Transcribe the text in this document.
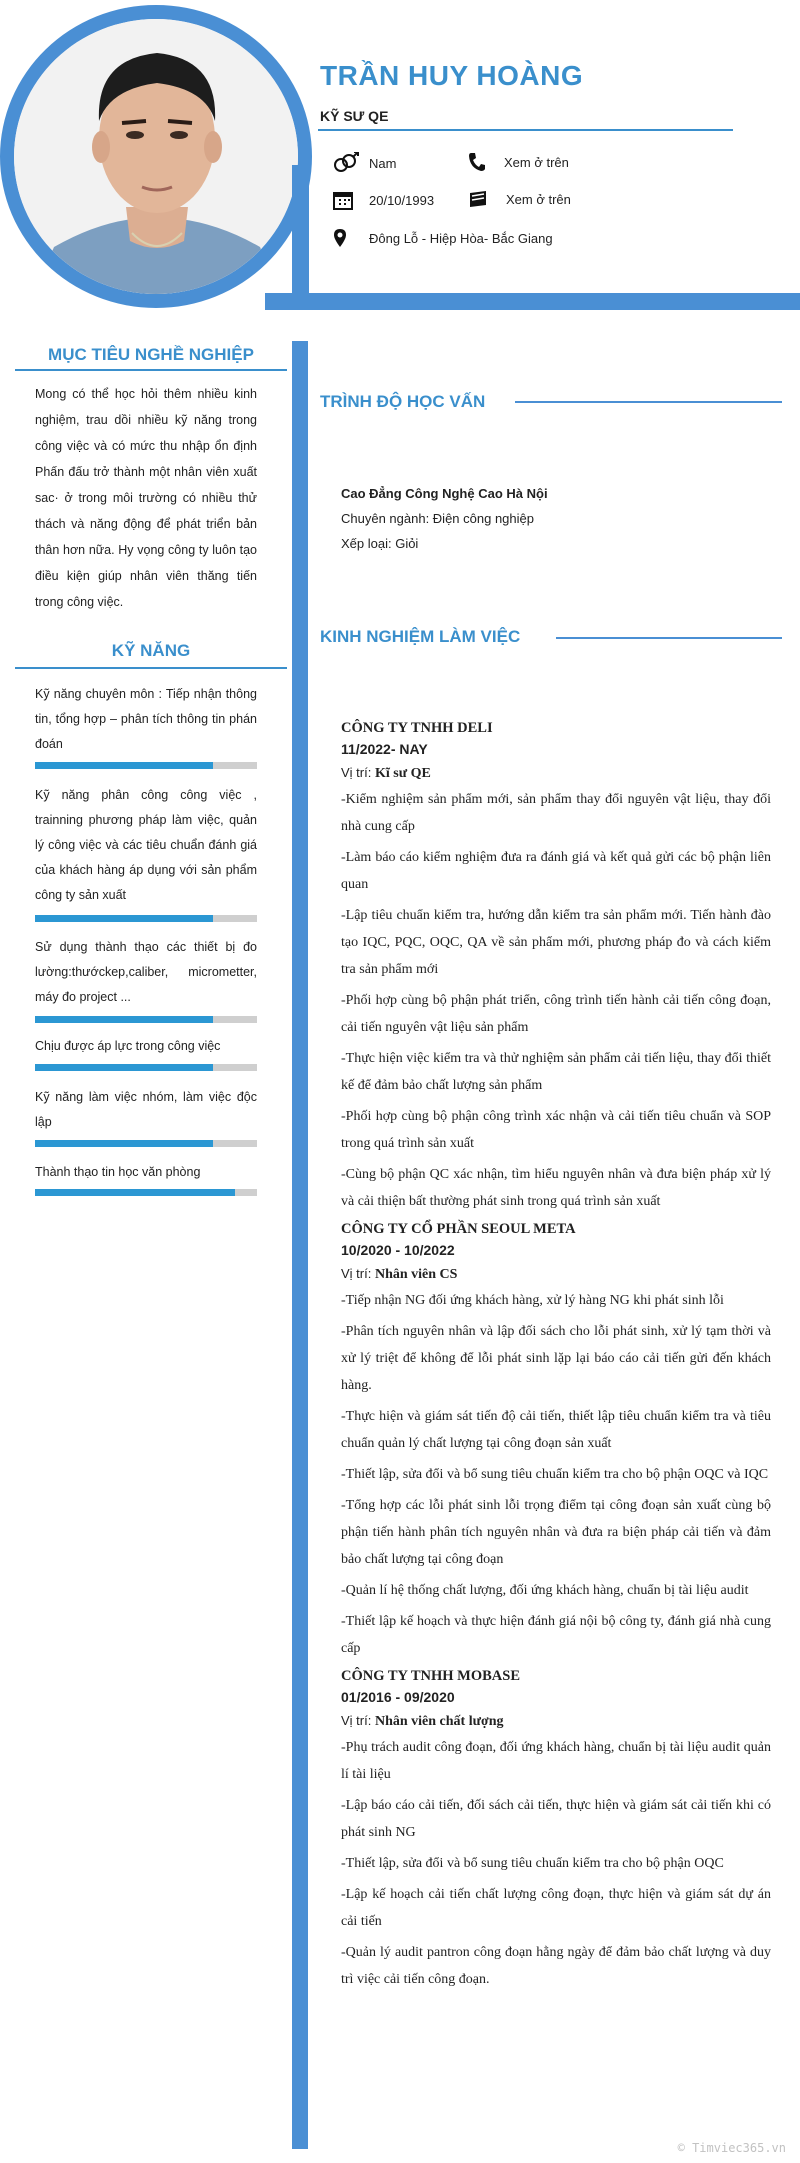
TRẦN HUY HOÀNG
KỸ SƯ QE
Nam	Xem ở trên
20/10/1993	Xem ở trên
Đông Lỗ - Hiệp Hòa- Bắc Giang
MỤC TIÊU NGHỀ NGHIỆP
Mong có thể học hỏi thêm nhiều kinh nghiệm, trau dồi nhiều kỹ năng trong công việc và có mức thu nhập ổn định Phấn đấu trở thành một nhân viên xuất sac· ở trong môi trường có nhiều thử thách và năng động để phát triển bản thân hơn nữa. Hy vọng công ty luôn tạo điều kiện giúp nhân viên thăng tiến trong công việc.
KỸ NĂNG
Kỹ năng chuyên môn : Tiếp nhận thông tin, tổng hợp – phân tích thông tin phán đoán
Kỹ năng phân công công việc , trainning phương pháp làm việc, quản lý công việc và các tiêu chuẩn đánh giá của khách hàng áp dụng với sản phẩm công ty sản xuất
Sử dụng thành thạo các thiết bị đo lường:thướckep,caliber, micrometter, máy đo project ...
Chịu được áp lực trong công việc
Kỹ năng làm việc nhóm, làm việc độc lập
Thành thạo tin học văn phòng
TRÌNH ĐỘ HỌC VẤN
Cao Đẳng Công Nghệ Cao Hà Nội
Chuyên ngành: Điện công nghiệp
Xếp loại: Giỏi
KINH NGHIỆM LÀM VIỆC
CÔNG TY TNHH DELI
11/2022- NAY
Vị trí: Kĩ sư QE
-Kiểm nghiệm sản phẩm mới, sản phẩm thay đổi nguyên vật liệu, thay đổi nhà cung cấp
-Làm báo cáo kiểm nghiệm đưa ra đánh giá và kết quả gửi các bộ phận liên quan
-Lập tiêu chuẩn kiểm tra, hướng dẫn kiểm tra sản phẩm mới. Tiến hành đào tạo IQC, PQC, OQC, QA về sản phẩm mới, phương pháp đo và cách kiểm tra sản phẩm mới
-Phối hợp cùng bộ phận phát triển, công trình tiến hành cải tiến công đoạn, cải tiến nguyên vật liệu sản phẩm
-Thực hiện việc kiểm tra và thử nghiệm sản phẩm cải tiến liệu, thay đổi thiết kế để đảm bảo chất lượng sản phẩm
-Phối hợp cùng bộ phận công trình xác nhận và cải tiến tiêu chuẩn và SOP trong quá trình sản xuất
-Cùng bộ phận QC xác nhận, tìm hiểu nguyên nhân và đưa biện pháp xử lý và cải thiện bất thường phát sinh trong quá trình sản xuất
CÔNG TY CỔ PHẦN SEOUL META
10/2020 - 10/2022
Vị trí: Nhân viên CS
-Tiếp nhận NG đối ứng khách hàng, xử lý hàng NG khi phát sinh lỗi
-Phân tích nguyên nhân và lập đối sách cho lỗi phát sinh, xử lý tạm thời và xử lý triệt để không để lỗi phát sinh lặp lại báo cáo cải tiến gửi đến khách hàng.
-Thực hiện và giám sát tiến độ cải tiến, thiết lập tiêu chuẩn kiểm tra và tiêu chuẩn quản lý chất lượng tại công đoạn sản xuất
-Thiết lập, sửa đổi và bổ sung tiêu chuẩn kiểm tra cho bộ phận OQC và IQC
-Tổng hợp các lỗi phát sinh lỗi trọng điểm tại công đoạn sản xuất cùng bộ phận tiến hành phân tích nguyên nhân và đưa ra biện pháp cải tiến và đảm bảo chất lượng tại công đoạn
-Quản lí hệ thống chất lượng, đối ứng khách hàng, chuẩn bị tài liệu audit
-Thiết lập kế hoạch và thực hiện đánh giá nội bộ công ty, đánh giá nhà cung cấp
CÔNG TY TNHH MOBASE
01/2016 - 09/2020
Vị trí: Nhân viên chất lượng
-Phụ trách audit công đoạn, đối ứng khách hàng, chuẩn bị tài liệu audit quản lí tài liệu
-Lập báo cáo cải tiến, đối sách cải tiến, thực hiện và giám sát cải tiến khi có phát sinh NG
-Thiết lập, sửa đổi và bổ sung tiêu chuẩn kiểm tra cho bộ phận OQC
-Lập kế hoạch cải tiến chất lượng công đoạn, thực hiện và giám sát dự án cải tiến
-Quản lý audit pantron công đoạn hằng ngày để đảm bảo chất lượng và duy trì việc cải tiến công đoạn.
© Timviec365.vn
